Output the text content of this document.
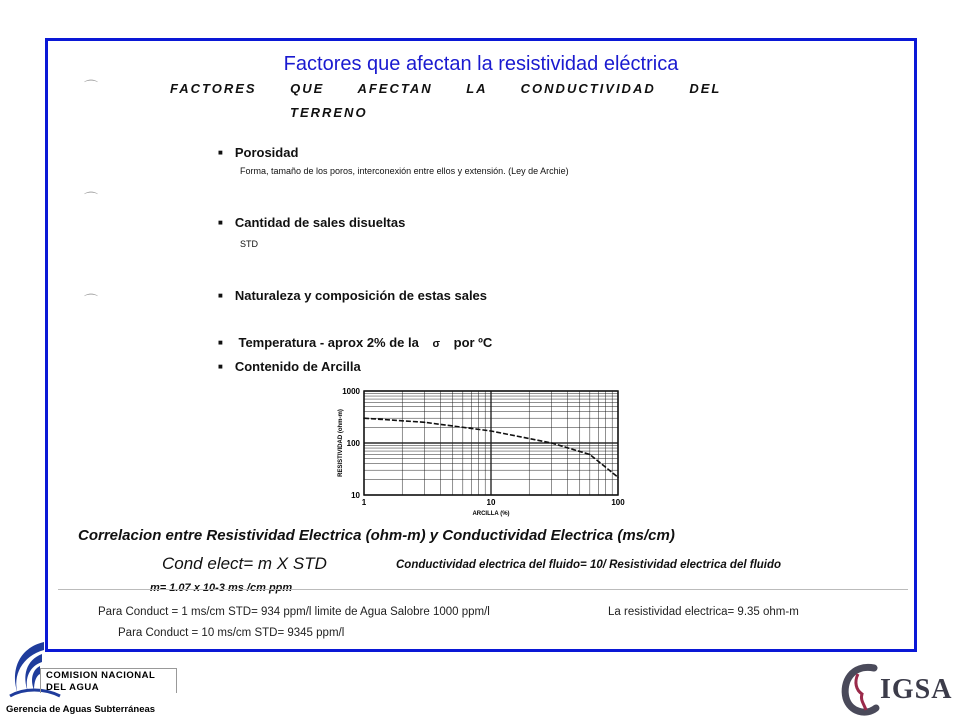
Factores que afectan la resistividad eléctrica
FACTORES QUE AFECTAN LA CONDUCTIVIDAD DEL
TERRENO
⌒
⌒
⌒
■ Porosidad
Forma, tamaño de los poros, interconexión entre ellos y extensión. (Ley de Archie)
■ Cantidad de sales disueltas
STD
■ Naturaleza y composición de estas sales
■ Temperatura - aprox 2% de la σ por ºC
■ Contenido de Arcilla
1000
100
10
1	10	100
ARCILLA (%)
RESISTIVIDAD (ohm-m)
Correlacion entre Resistividad Electrica (ohm-m) y Conductividad Electrica (ms/cm)
Cond elect= m X STD	Conductividad electrica del fluido= 10/ Resistividad electrica del fluido
m= 1.07 x 10-3 ms /cm ppm
Para Conduct = 1 ms/cm STD= 934 ppm/l limite de Agua Salobre 1000 ppm/l	La resistividad electrica= 9.35 ohm-m
Para Conduct = 10 ms/cm STD= 9345 ppm/l
COMISION NACIONAL
DEL AGUA
Gerencia de Aguas Subterráneas
IGSA
